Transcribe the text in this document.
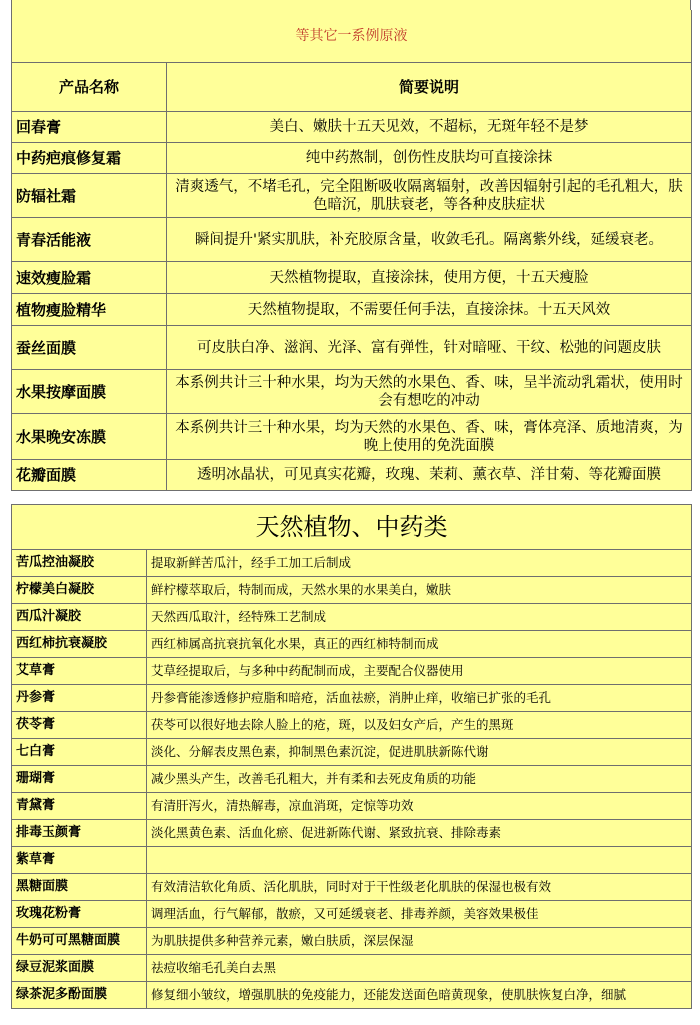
等其它一系例原液	
产品名称	简要说明
回春膏	美白、嫩肤十五天见效，不超标，无斑年轻不是梦
中药疤痕修复霜	纯中药熬制，创伤性皮肤均可直接涂抹
防辐社霜	清爽透气，不堵毛孔，完全阻断吸收隔离辐射，改善因辐射引起的毛孔粗大，肤色暗沉，肌肤衰老，等各种皮肤症状
青春活能液	瞬间提升'紧实肌肤，补充胶原含量，收敛毛孔。隔离紫外线，延缓衰老。
速效瘦脸霜	天然植物提取，直接涂抹，使用方便，十五天瘦脸
植物瘦脸精华	天然植物提取，不需要任何手法，直接涂抹。十五天风效
蚕丝面膜	可皮肤白净、滋润、光泽、富有弹性，针对暗哑、干纹、松弛的问题皮肤
水果按摩面膜	本系例共计三十种水果，均为天然的水果色、香、味，呈半流动乳霜状，使用时会有想吃的冲动
水果晚安冻膜	本系例共计三十种水果，均为天然的水果色、香、味，膏体亮泽、质地清爽，为晚上使用的免洗面膜
花瓣面膜	透明冰晶状，可见真实花瓣，玫瑰、茉莉、薰衣草、洋甘菊、等花瓣面膜
天然植物、中药类	
苦瓜控油凝胶	提取新鲜苦瓜汁，经手工加工后制成
柠檬美白凝胶	鲜柠檬萃取后，特制而成，天然水果的水果美白，嫩肤
西瓜汁凝胶	天然西瓜取汁，经特殊工艺制成
西红柿抗衰凝胶	西红柿属高抗衰抗氧化水果，真正的西红柿特制而成
艾草膏	艾草经提取后，与多种中药配制而成，主要配合仪器使用
丹参膏	丹参膏能渗透修护痘脂和暗疮，活血祛瘀，消肿止痒，收缩已扩张的毛孔
茯苓膏	茯苓可以很好地去除人脸上的疮，斑，以及妇女产后，产生的黑斑
七白膏	淡化、分解表皮黑色素，抑制黑色素沉淀，促进肌肤新陈代谢
珊瑚膏	减少黑头产生，改善毛孔粗大，并有柔和去死皮角质的功能
青黛膏	有清肝泻火，清热解毒，凉血消斑，定惊等功效
排毒玉颜膏	淡化黑黄色素、活血化瘀、促进新陈代谢、紧致抗衰、排除毒素
紫草膏	
黑糖面膜	有效清洁软化角质、活化肌肤，同时对于干性级老化肌肤的保湿也极有效
玫瑰花粉膏	调理活血，行气解郁，散瘀，又可延缓衰老、排毒养颜，美容效果极佳
牛奶可可黑糖面膜	为肌肤提供多种营养元素，嫩白肤质，深层保湿
绿豆泥浆面膜	祛痘收缩毛孔美白去黑
绿茶泥多酚面膜	修复细小皱纹，增强肌肤的免疫能力，还能发送面色暗黄现象，使肌肤恢复白净，细腻
